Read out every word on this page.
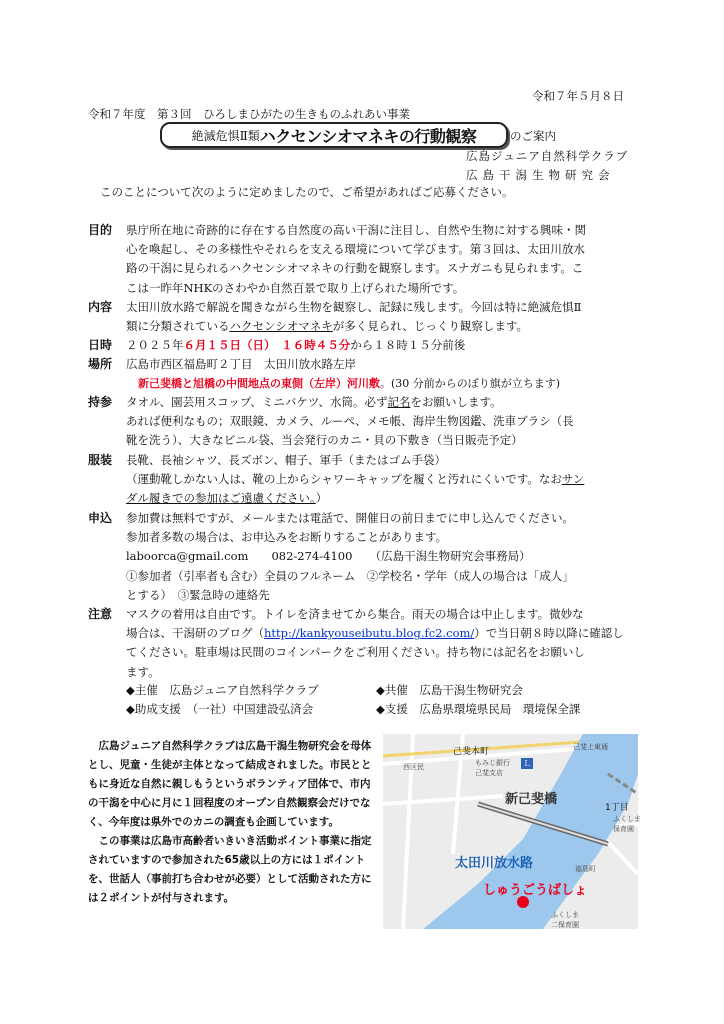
令和７年５月８日
令和７年度　第３回　ひろしまひがたの生きものふれあい事業
絶滅危惧Ⅱ類 ハクセンシオマネキの行動観察	のご案内
広島ジュニア自然科学クラブ
広島干潟生物研究会
このことについて次のように定めましたので、ご希望があればご応募ください。
目的 県庁所在地に奇跡的に存在する自然度の高い干潟に注目し、自然や生物に対する興味・関
心を喚起し、その多様性やそれらを支える環境について学びます。第３回は、太田川放水
路の干潟に見られるハクセンシオマネキの行動を観察します。スナガニも見られます。こ
こは一昨年NHKのさわやか自然百景で取り上げられた場所です。
内容 太田川放水路で解説を聞きながら生物を観察し、記録に残します。今回は特に絶滅危惧Ⅱ
類に分類されているハクセンシオマネキが多く見られ、じっくり観察します。
日時 ２０２５年６月１５日（日）　 １６時４５分から１８時１５分前後
場所 広島市西区福島町２丁目　太田川放水路左岸
新己斐橋と旭橋の中間地点の東側（左岸）河川敷。(30 分前からのぼり旗が立ちます)
持参 タオル、園芸用スコップ、ミニバケツ、水筒。必ず記名をお願いします。
あれば便利なもの；双眼鏡、カメラ、ルーペ、メモ帳、海岸生物図鑑、洗車ブラシ（長
靴を洗う）、大きなビニル袋、当会発行のカニ・貝の下敷き（当日販売予定）
服装 長靴、長袖シャツ、長ズボン、帽子、軍手（またはゴム手袋）
（運動靴しかない人は、靴の上からシャワーキャップを履くと汚れにくいです。なおサン
ダル履きでの参加はご遠慮ください。）
申込 参加費は無料ですが、メールまたは電話で、開催日の前日までに申し込んでください。
参加者多数の場合は、お申込みをお断りすることがあります。
laboorca@gmail.com　　 082-274-4100　　 （広島干潟生物研究会事務局）
①参加者（引率者も含む）全員のフルネーム　②学校名・学年（成人の場合は「成人」
とする）　③緊急時の連絡先
注意 マスクの着用は自由です。トイレを済ませてから集合。雨天の場合は中止します。微妙な
場合は、干潟研のブログ（http://kankyouseibutu.blog.fc2.com/）で当日朝８時以降に確認し
てください。駐車場は民間のコインパークをご利用ください。持ち物には記名をお願いし
ます。
◆主催　広島ジュニア自然科学クラブ	◆共催　広島干潟生物研究会
◆助成支援　（一社）中国建設弘済会	◆支援　広島県環境県民局　環境保全課

広島ジュニア自然科学クラブは広島干潟生物研究会を母体とし、児童・生徒が主体となって結成されました。市民とともに身近な自然に親しもうというボランティア団体で、市内の干潟を中心に月に１回程度のオープン自然観察会だけでなく、今年度は県外でのカニの調査も企画しています。

この事業は広島市高齢者いきいき活動ポイント事業に指定されていますので参加された65歳以上の方には１ポイントを、世話人（事前打ち合わせが必要）として活動された方には２ポイントが付与されます。

己斐本町
西区民	もみじ銀行
己斐支店
己斐上東通
新己斐橋
1丁目
ふくしま
保育園
太田川放水路	福島町
しゅうごうばしょ
ふくしま
二保育園
Ｌ
